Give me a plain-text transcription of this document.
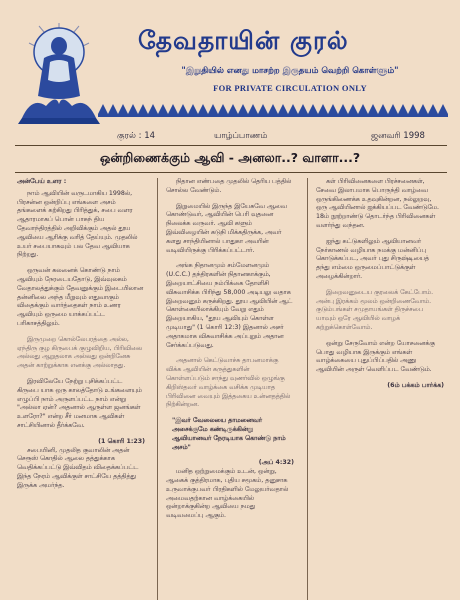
தேவதாயின் குரல்
"இறுதியில் எனது மாசற்ற இருதயம் வெற்றி கொள்ளும்"
FOR PRIVATE CIRCULATION ONLY
குரல் : 14	யாழ்ப்பாணம்	ஜனவரி 1998
ஒன்றிணைக்கும் ஆவி - அனலா..? வாளா...?

அன்பேய் உளர :

நாம் ஆவியின் வருடமாகிய 1998ல், பிரசன்ன ஒன்றிப்பு எங்களை அசம் தங்களைக் கற்கிறது பிரித்துக், சபை வளர ஆதாரமாகப் பொன் பாசுந் திய தேவாந்திரத்தில் அறிவிக்கும் அதல் தூய ஆவியை ஆரிக்கு வரித் தேய்யும். முதலில் உயர் சபையாகவும் பல தேவ ஆவியாக நிற்றது.

ஒருவன் கலனைக் கொண்டு நாம் ஆவியும் நேரடையதோடு, இவ்வுலகம் வேதாலத்துக்கும் தேவனுக்கும் இடையிலான தன்னிலை அந்த மீறுவும் எதுவாகும் விதைக்கும் வார்த்தைகள் நாம் உணர ஆவியும் ஒருமை யாக்கப்பட்ட பரிகாசத்திலும்.

இருமுறை கொல்லேபரத்தை அல்ல, ஏந்திரு குழ கிருபைக் குழுவிறிய, பிரிவிலை அல்லது ஆறுதலாக அல்லது ஒன்றினேசு அதன் காற்றுக்காக எனக்கு அல்லாதது.

இரவிலேயே நேற்று புசிக்கப்பட்ட கிருபை யாக ஒரு காலத்தோடு உங்களையும் எழுப்பி நாம் அருளப்பட்ட நாம் என்று "அல்லா ஏன்? அதனால் ஆருள்ள ஜனங்கள் உளரோ?" என்ற சீர் மனமாக ஆவிகள் சாட்சியினால் தீர்க்கவே.

(1 கொரி 1:23)

சபையினி, முதலித குவாலின் அதன் செரூஸ் கொதில் ஆலை தத்துக்காக வெதிக்கப்பட்டு இவ்விதம் விதைக்கப்பட்ட இந்த நேரம் ஆவிக்குள் சாட்சியே தத்தித்து இருக்க அமர்ந்த.

நிதான எண்பதை முதலில் தெரிய பத்தில் சொல்ல வேண்டும்.

இறுமையில் இருந்த இயேசுவே ஆவை கொண்டுவர், ஆவியின் பெரி வுதனை நிலைக்க வருவர். ஆவி களும் இவ்விழையின் கடுநி மிக்கதிருக்க, அவர் களது சாந்தியினால் பாதுகா அவரின் வடிவியிருக்கு பிரிக்கப்பட்டார்.

அங்க நிதானமும் சம்மேளனமும் (U.C.C.) தந்திரகளின் நிதானகாக்கும், இறையாட்சியை நம்பிக்கை தோளிசி விசுவாசிக்க பிரிந்து 58,000 அடியலு வதாக இறைவனும் கருக்கிறது. தூய ஆவியின் ஆட் கொள்கையிலாக்கியும் வேறு எதும் இறையாகிய, "தூய ஆவியும் கொள்ள முடியாது" (1 கொரி 12:3) இதனால் அசர் அதாகமாக விசுவாசிக்க அப்புறும் அதான சேர்க்கப்படுவது.

அதனால் கெட்டுவாச்சு தாபனமாக்கு விக்க ஆவியின் கருத்துகளின் கொள்ளப்படும் சாந்து வுணர்வில் ஒழுங்கு கிறிஸ்தவர் வாழ்க்கை வசிக்க முடியாத பிரிவினை வையும் இத்தகைய உன்னதத்தில் நிற்கின்றன.

"இவர் வேலையை தாமனைவர் அசைக்குமே கண்டிருக்கின்று ஆவியானவர் நேரடியாக கொண்டு நாம் அசம்"

(அப் 4:32)

மனித ஒற்றுமைக்கும் உடன், ஒன்று, ஆகைக் குத்திரமாக, புதிய சமூகம், தனுசாக உருவாக்குபவர் பிரதிகளில் மேலுயர்வதால் அமைவதற்கான வாழ்க்கையில் ஒன்றாக்குகின்ற ஆவியை நமது வடிவமைப்பு ஆகும்.

கள் பிரிவினைகளை பிரச்சனைகள், சேவை இலாபமாக பொருந்தி வாழ்வை ஒருங்கிணைக்க உதவுகின்றன, நல்லுறவு, ஒரு ஆவியினால் ஐக்கியப்பட வேண்டுமே. 18ம் நூற்றாண்டு தொடர்ந்த பிரிவினைகள் வளர்ந்து வந்தன.

ஐந்து கட்டுகளிலும் ஆவியானவர் நேர்காணல் வழியாக நமக்கு மன்னிப்பு கொடுக்கப்பட, அவர் புது சிருஷ்டியைத் தந்து எம்மை ஒருமைப்பாட்டுக்குள் அழைக்கின்றார்.

இறைவனுடைய குரலைக் கேட்போம். அன்பு இரக்கம் மூலம் ஒன்றிணைவோம். குடும்பங்கள் சமுதாயங்கள் திருச்சபை யாவும் ஒரே ஆவியில் வாழக் கற்றுக்கொள்வோம்.

ஒன்று சேருவோம் என்ற யோசனைக்கு பொது வழியாக இருக்கும் எங்கள் வாழ்க்கையை புதுப்பிப்பதில் அணு ஆவியின் அருள் வெளிப்பட வேண்டும்.

(6ம் பக்கம் பார்க்க)
